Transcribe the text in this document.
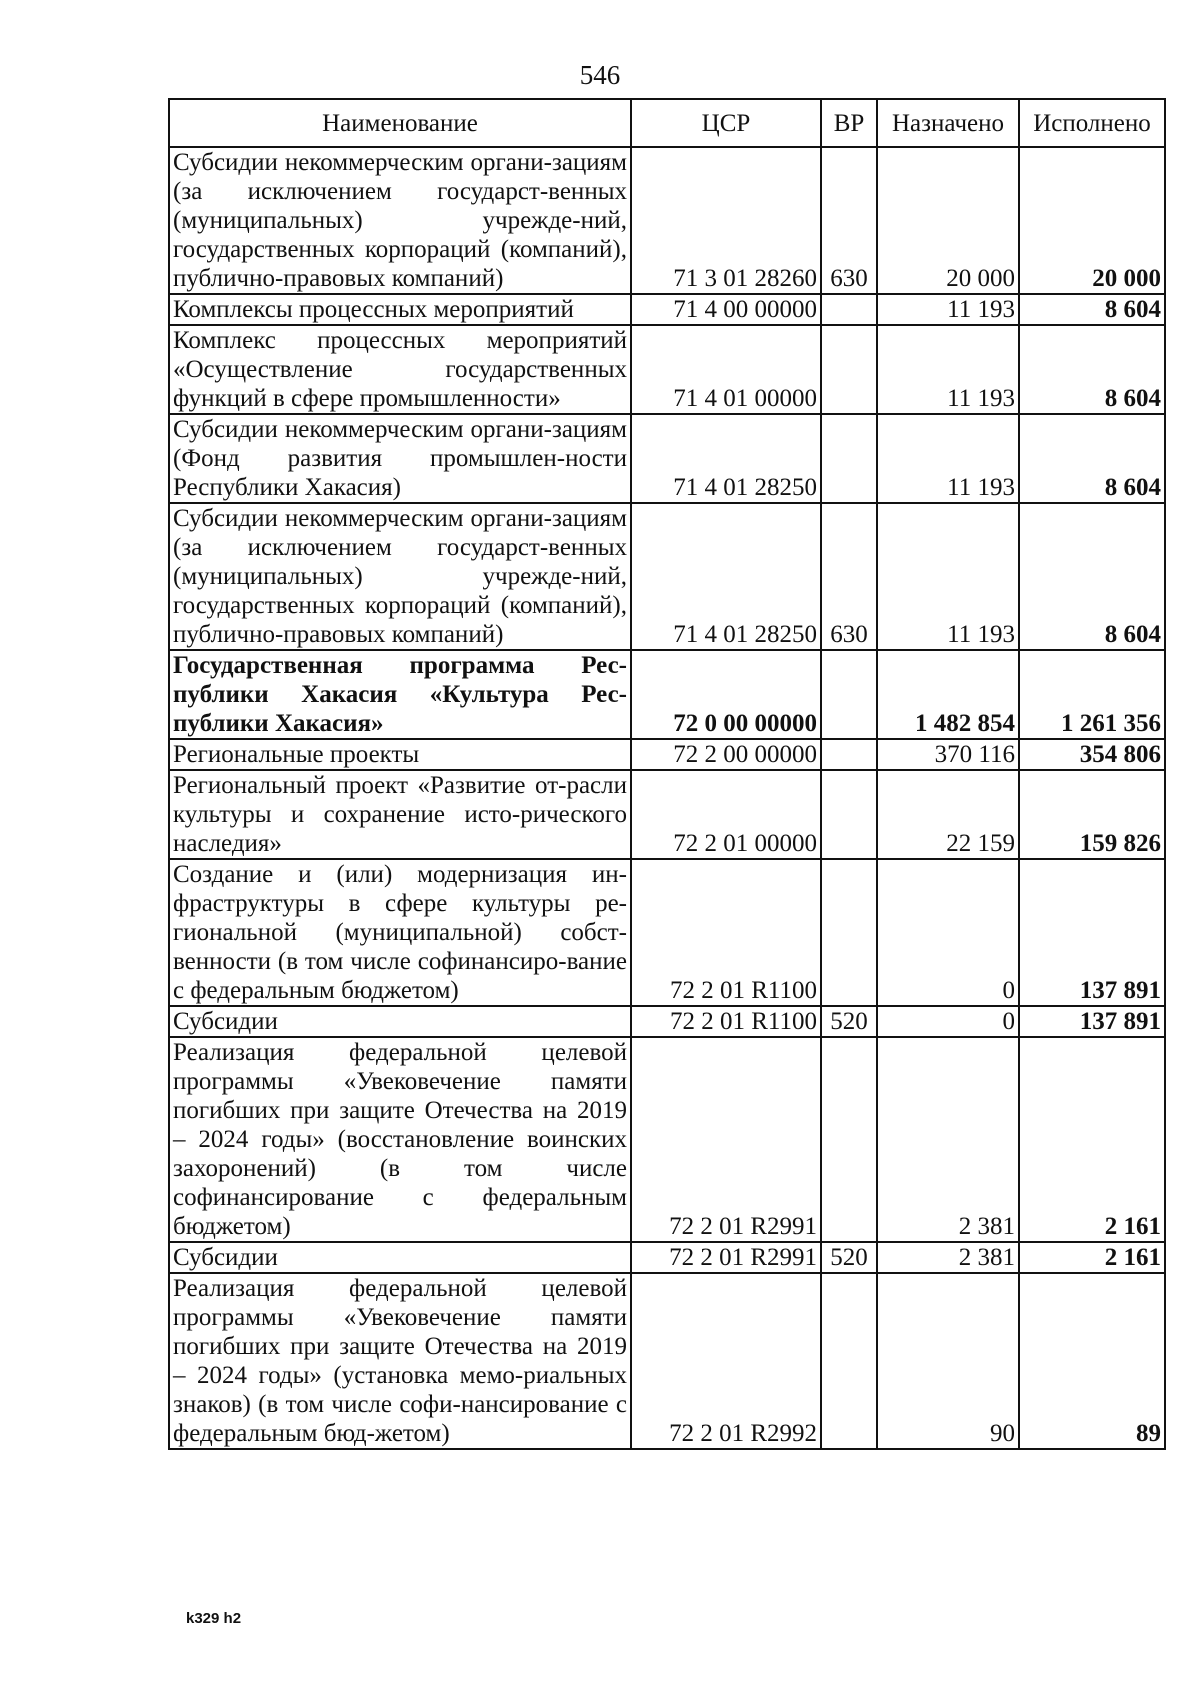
546
Наименование	ЦСР	ВР	Назначено	Исполнено
Субсидии некоммерческим органи-зациям (за исключением государст-венных (муниципальных) учрежде-ний, государственных корпораций (компаний), публично-правовых компаний)	71 3 01 28260	630	20 000	20 000
Комплексы процессных мероприятий	71 4 00 00000		11 193	8 604
Комплекс процессных мероприятий «Осуществление государственных функций в сфере промышленности»	71 4 01 00000		11 193	8 604
Субсидии некоммерческим органи-зациям (Фонд развития промышлен-ности Республики Хакасия)	71 4 01 28250		11 193	8 604
Субсидии некоммерческим органи-зациям (за исключением государст-венных (муниципальных) учрежде-ний, государственных корпораций (компаний), публично-правовых компаний)	71 4 01 28250	630	11 193	8 604
Государственная программа Рес-публики Хакасия «Культура Рес-публики Хакасия»	72 0 00 00000		1 482 854	1 261 356
Региональные проекты	72 2 00 00000		370 116	354 806
Региональный проект «Развитие от-расли культуры и сохранение исто-рического наследия»	72 2 01 00000		22 159	159 826
Создание и (или) модернизация ин-фраструктуры в сфере культуры ре-гиональной (муниципальной) собст-венности (в том числе софинансиро-вание с федеральным бюджетом)	72 2 01 R1100		0	137 891
Субсидии	72 2 01 R1100	520	0	137 891
Реализация федеральной целевой программы «Увековечение памяти погибших при защите Отечества на 2019 – 2024 годы» (восстановление воинских захоронений) (в том числе софинансирование с федеральным бюджетом)	72 2 01 R2991		2 381	2 161
Субсидии	72 2 01 R2991	520	2 381	2 161
Реализация федеральной целевой программы «Увековечение памяти погибших при защите Отечества на 2019 – 2024 годы» (установка мемо-риальных знаков) (в том числе софи-нансирование с федеральным бюд-жетом)	72 2 01 R2992		90	89
k329 h2
